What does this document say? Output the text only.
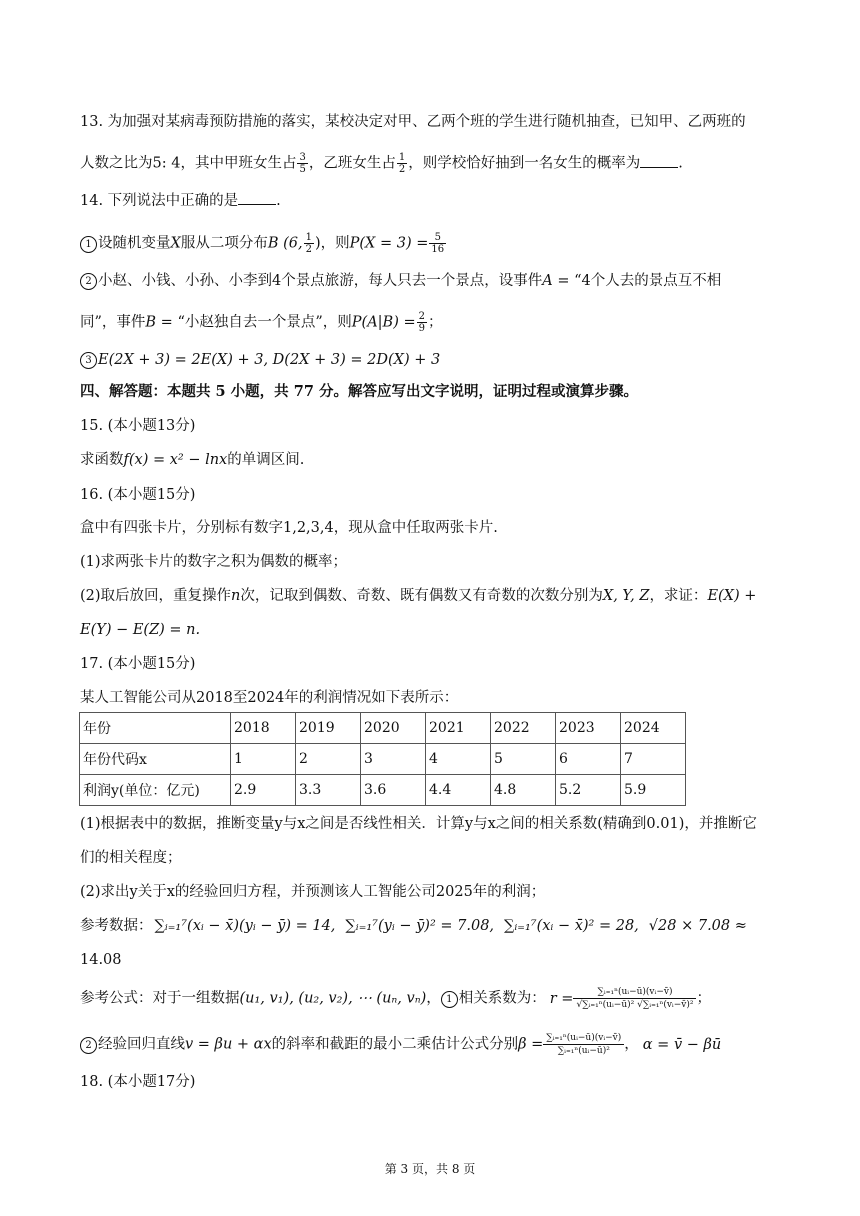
13. 为加强对某病毒预防措施的落实，某校决定对甲、乙两个班的学生进行随机抽查，已知甲、乙两班的
人数之比为5: 4，其中甲班女生占 $\frac{3}{5}$ ，乙班女生占 $\frac{1}{2}$ ，则学校恰好抽到一名女生的概率为	.
14. 下列说法中正确的是	.
1 设随机变量X服从二项分布B (6, $\frac{1}{2}$ )，则$P(X = 3) = \frac{5}{16}$
2 小赵、小钱、小孙、小李到4个景点旅游，每人只去一个景点，设事件A = “4个人去的景点互不相
同”，事件B = “小赵独自去一个景点”，则$P(A|B) = \frac{2}{9}$ ；
3 E(2X + 3) = 2E(X) + 3, D(2X + 3) = 2D(X) + 3
四、解答题：本题共 5 小题，共 77 分。解答应写出文字说明，证明过程或演算步骤。
15. (本小题13分)
求函数f(x) = x² − lnx的单调区间.
16. (本小题15分)
盒中有四张卡片，分别标有数字1,2,3,4，现从盒中任取两张卡片.
(1)求两张卡片的数字之积为偶数的概率；
(2)取后放回，重复操作n次，记取到偶数、奇数、既有偶数又有奇数的次数分别为X, Y, Z，求证：E(X) +
E(Y) − E(Z) = n.
17. (本小题15分)
某人工智能公司从2018至2024年的利润情况如下表所示：
年份	2018	2019	2020	2021	2022	2023	2024
年份代码x	1	2	3	4	5	6	7
利润y(单位：亿元)	2.9	3.3	3.6	4.4	4.8	5.2	5.9
(1)根据表中的数据，推断变量y与x之间是否线性相关．计算y与x之间的相关系数(精确到0.01)，并推断它
们的相关程度；
(2)求出y关于x的经验回归方程，并预测该人工智能公司2025年的利润；
参考数据： ∑ᵢ₌₁⁷(xᵢ − x̄)(yᵢ − ȳ) = 14, ∑ᵢ₌₁⁷(yᵢ − ȳ)² = 7.08, ∑ᵢ₌₁⁷(xᵢ − x̄)² = 28, √28 × 7.08 ≈
14.08
参考公式：对于一组数据(u₁, v₁), (u₂, v₂), ⋯ (uₙ, vₙ)， 1 相关系数为： $r = \frac{\text{∑ᵢ₌₁ⁿ(uᵢ−ū)(vᵢ−v̄)}}{\text{√∑ᵢ₌₁ⁿ(uᵢ−ū)² √∑ᵢ₌₁ⁿ(vᵢ−v̄)²}}$ ；
2 经验回归直线v = βu + αx的斜率和截距的最小二乘估计公式分别$\beta = \frac{\text{∑ᵢ₌₁ⁿ(uᵢ−ū)(vᵢ−v̄)}}{\text{∑ᵢ₌₁ⁿ(uᵢ−ū)²}}$ ， α = v̄ − βū
18. (本小题17分)
第 3 页，共 8 页
